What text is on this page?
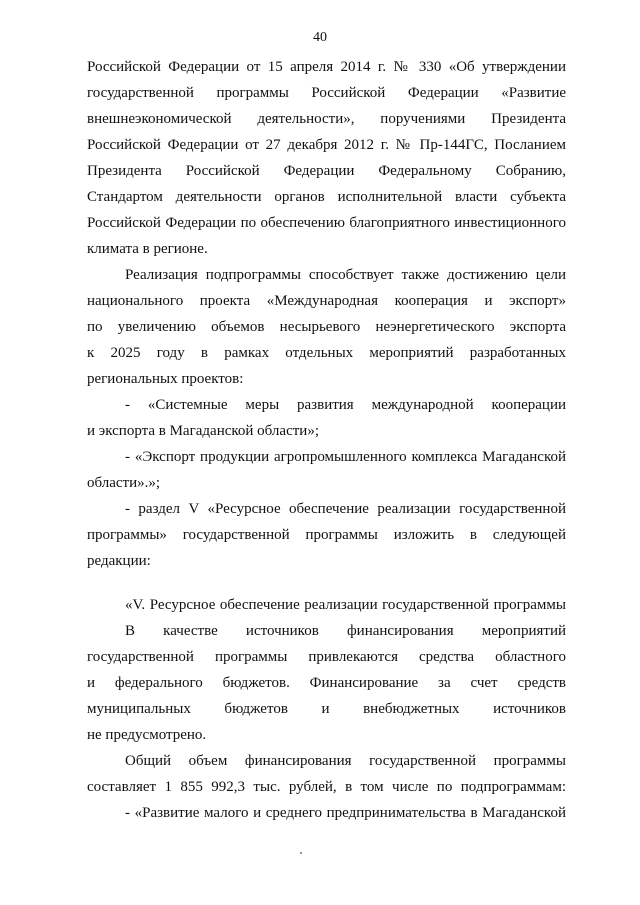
40
Российской Федерации от 15 апреля 2014 г. № 330 «Об утверждении
государственной программы Российской Федерации «Развитие
внешнеэкономической деятельности», поручениями Президента
Российской Федерации от 27 декабря 2012 г. № Пр-144ГС, Посланием
Президента Российской Федерации Федеральному Собранию,
Стандартом деятельности органов исполнительной власти субъекта
Российской Федерации по обеспечению благоприятного инвестиционного
климата в регионе.
Реализация подпрограммы способствует также достижению цели
национального проекта «Международная кооперация и экспорт»
по увеличению объемов несырьевого неэнергетического экспорта
к 2025 году в рамках отдельных мероприятий разработанных
региональных проектов:
- «Системные меры развития международной кооперации
и экспорта в Магаданской области»;
- «Экспорт продукции агропромышленного комплекса Магаданской
области».»;
- раздел V «Ресурсное обеспечение реализации государственной
программы» государственной программы изложить в следующей
редакции:
«V. Ресурсное обеспечение реализации государственной программы
В качестве источников финансирования мероприятий
государственной программы привлекаются средства областного
и федерального бюджетов. Финансирование за счет средств
муниципальных бюджетов и внебюджетных источников
не предусмотрено.
Общий объем финансирования государственной программы
составляет 1 855 992,3 тыс. рублей, в том числе по подпрограммам:
- «Развитие малого и среднего предпринимательства в Магаданской
